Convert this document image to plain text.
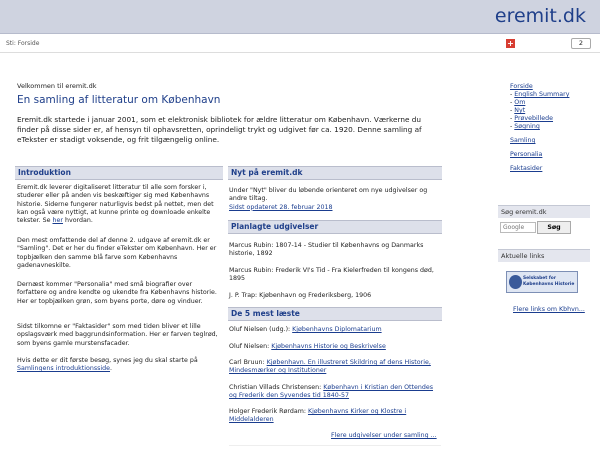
eremit.dk
Sti: Forside	+	2
Velkommen til eremit.dk
En samling af litteratur om København

Eremit.dk startede i januar 2001, som et elektronisk bibliotek for ældre litteratur om København. Værkerne du finder på disse sider er, af hensyn til ophavsretten, oprindeligt trykt og udgivet før ca. 1920. Denne samling af eTekster er stadigt voksende, og frit tilgængelig online.

Introduktion

Eremit.dk leverer digitaliseret litteratur til alle som forsker i, studerer eller på anden vis beskæftiger sig med Københavns historie. Siderne fungerer naturligvis bedst på nettet, men det kan også være nyttigt, at kunne printe og downloade enkelte tekster. Se her hvordan.

Den mest omfattende del af denne 2. udgave af eremit.dk er "Samling". Det er her du finder eTekster om København. Her er topbjælken den samme blå farve som Københavns gadenavneskilte.

Dernæst kommer "Personalia" med små biografier over forfattere og andre kendte og ukendte fra Københavns historie. Her er topbjælken grøn, som byens porte, døre og vinduer.

Sidst tilkomne er "Faktasider" som med tiden bliver et lille opslagsværk med baggrundsinformation. Her er farven teglrød, som byens gamle murstensfacader.

Hvis dette er dit første besøg, synes jeg du skal starte på Samlingens introduktionsside.

Nyt på eremit.dk

Under "Nyt" bliver du løbende orienteret om nye udgivelser og andre tiltag.
Sidst opdateret 28. februar 2018

Planlagte udgivelser

Marcus Rubin: 1807-14 - Studier til Københavns og Danmarks historie, 1892

Marcus Rubin: Frederik VI's Tid - Fra Kielerfreden til kongens død, 1895

J. P. Trap: Kjøbenhavn og Frederiksberg, 1906

De 5 mest læste

Oluf Nielsen (udg.): Kjøbenhavns Diplomatarium

Oluf Nielsen: Kjøbenhavns Historie og Beskrivelse

Carl Bruun: Kjøbenhavn. En illustreret Skildring af dens Historie, Mindesmærker og Institutioner

Christian Villads Christensen: København i Kristian den Ottendes og Frederik den Syvendes tid 1840-57

Holger Frederik Rørdam: Kjøbenhavns Kirker og Klostre i Middelalderen

Flere udgivelser under samling ...
Forside
- English Summary
- Om
- Nyt
- Prøvebillede
- Søgning
Samling
Personalia
Faktasider
Søg eremit.dk
Google
Søg
Aktuelle links
Selskabet for Københavns Historie
Flere links om Kbhvn...
